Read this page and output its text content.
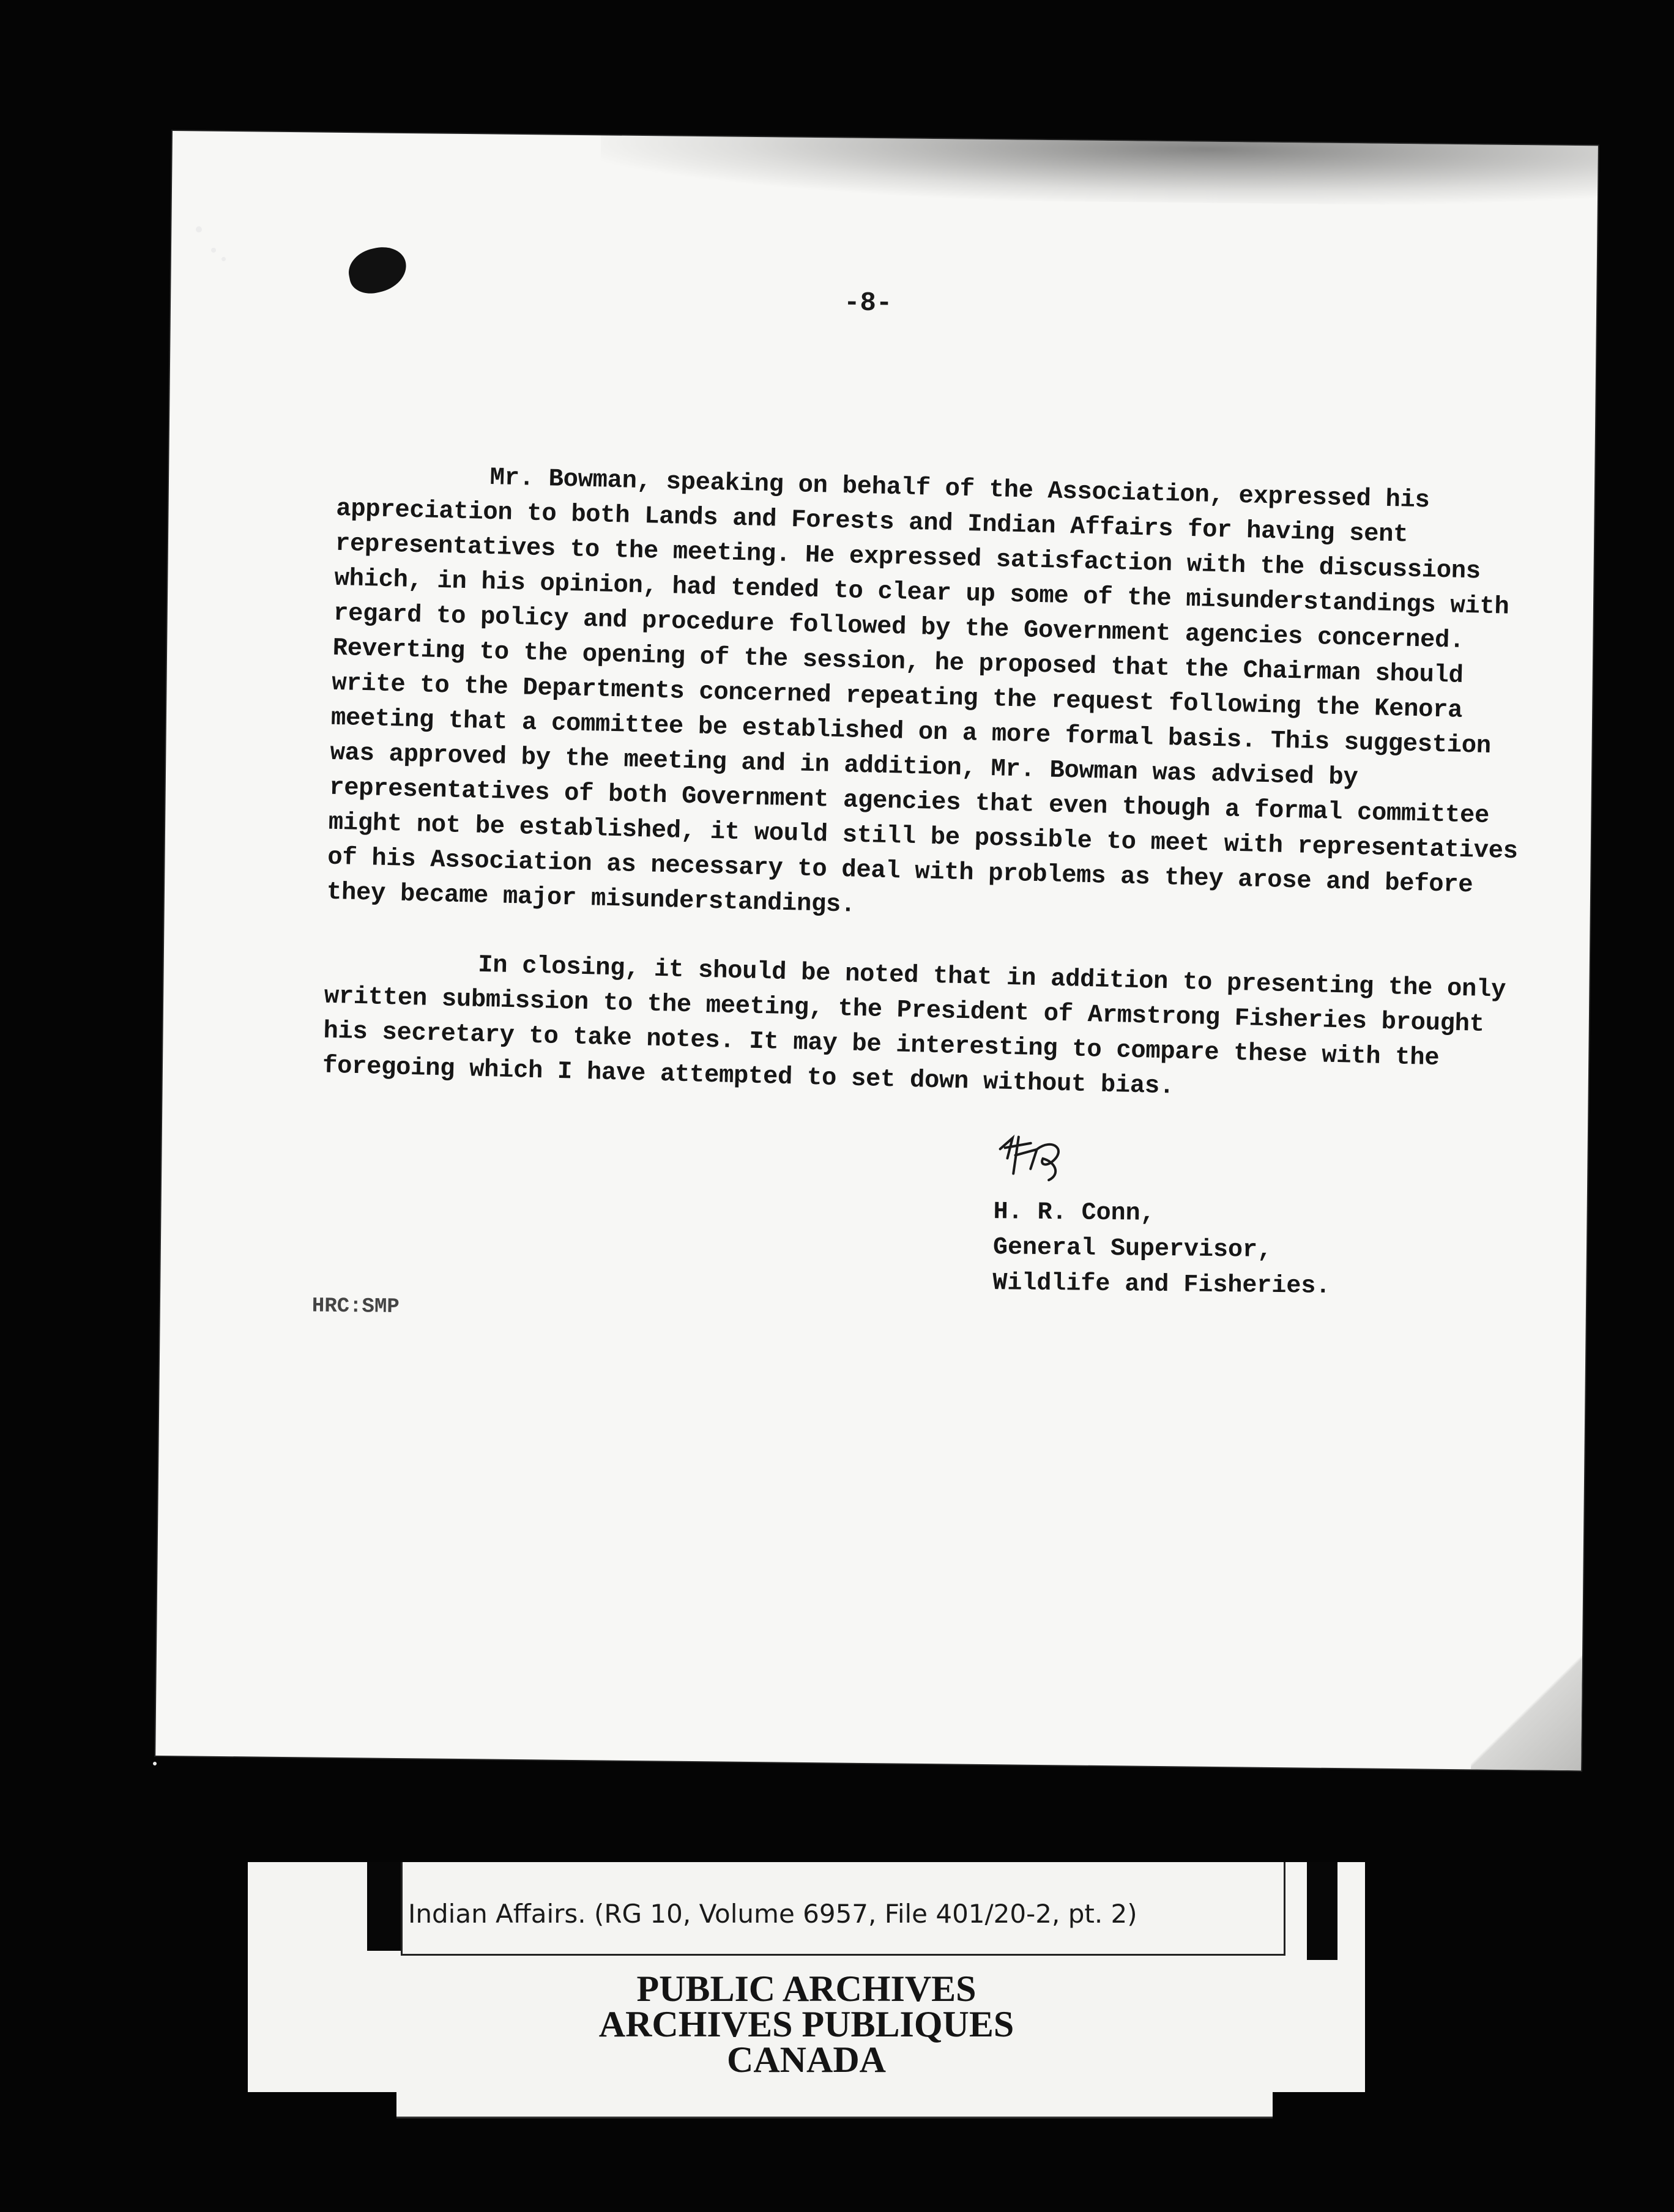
-8-

Mr. Bowman, speaking on behalf of the Association, expressed his appreciation to both Lands and Forests and Indian Affairs for having sent representatives to the meeting. He expressed satisfaction with the discussions which, in his opinion, had tended to clear up some of the misunderstandings with regard to policy and procedure followed by the Government agencies concerned. Reverting to the opening of the session, he proposed that the Chairman should write to the Departments concerned repeating the request following the Kenora meeting that a committee be established on a more formal basis. This suggestion was approved by the meeting and in addition, Mr. Bowman was advised by representatives of both Government agencies that even though a formal committee might not be established, it would still be possible to meet with representatives of his Association as necessary to deal with problems as they arose and before they became major misunderstandings.

In closing, it should be noted that in addition to presenting the only written submission to the meeting, the President of Armstrong Fisheries brought his secretary to take notes. It may be interesting to compare these with the foregoing which I have attempted to set down without bias.

H. R. Conn,
General Supervisor,
Wildlife and Fisheries.
HRC:SMP
Indian Affairs. (RG 10, Volume 6957, File 401/20-2, pt. 2)
PUBLIC ARCHIVES
ARCHIVES PUBLIQUES
CANADA
